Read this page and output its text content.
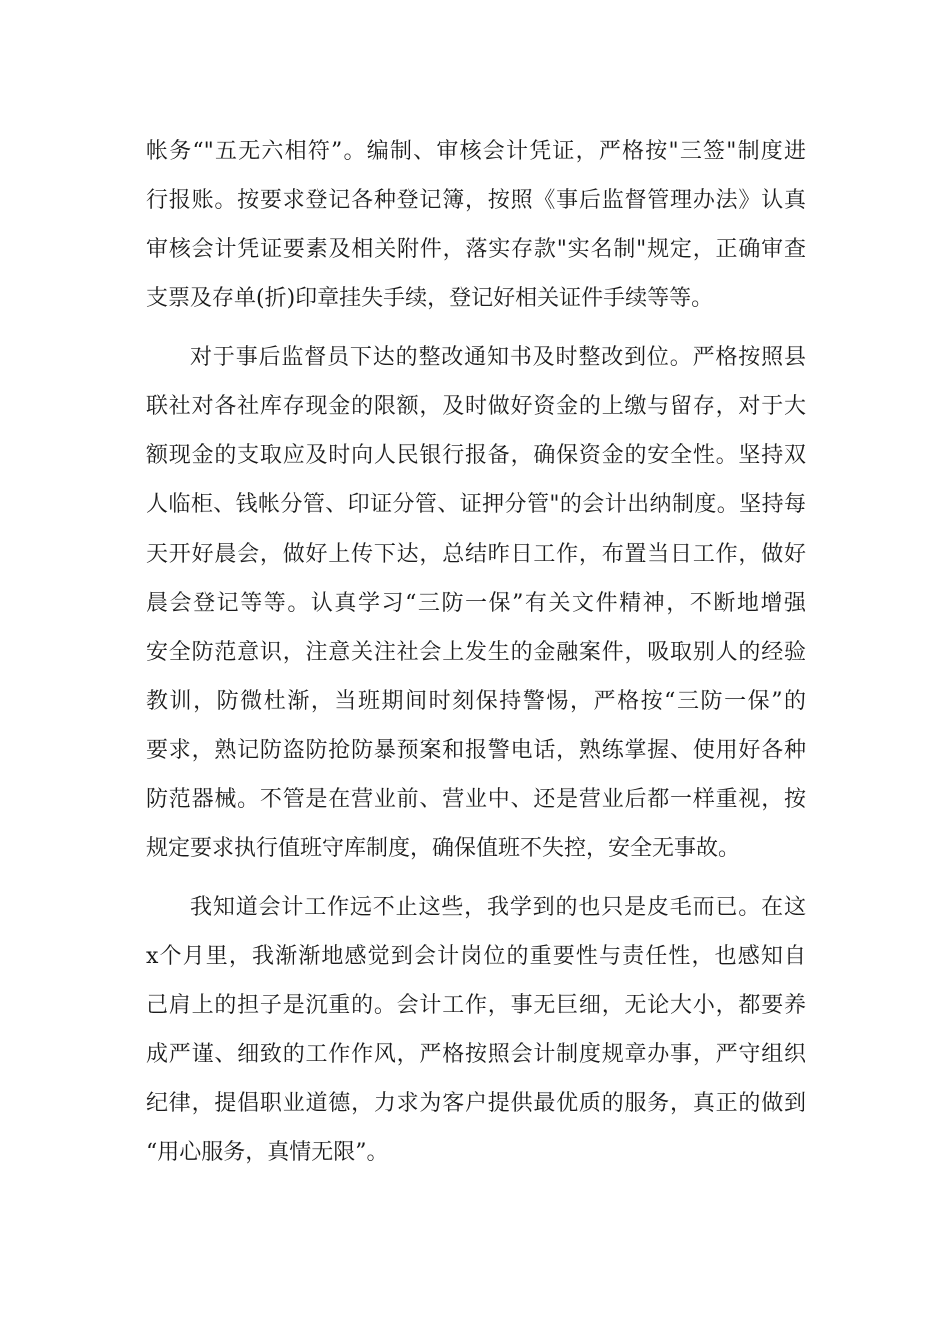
帐务“"五无六相符”。编制、审核会计凭证，严格按"三签"制度进
行报账。按要求登记各种登记簿，按照《事后监督管理办法》认真
审核会计凭证要素及相关附件，落实存款"实名制"规定，正确审查
支票及存单(折)印章挂失手续，登记好相关证件手续等等。
对于事后监督员下达的整改通知书及时整改到位。严格按照县
联社对各社库存现金的限额，及时做好资金的上缴与留存，对于大
额现金的支取应及时向人民银行报备，确保资金的安全性。坚持双
人临柜、钱帐分管、印证分管、证押分管"的会计出纳制度。坚持每
天开好晨会，做好上传下达，总结昨日工作，布置当日工作，做好
晨会登记等等。认真学习“三防一保”有关文件精神，不断地增强
安全防范意识，注意关注社会上发生的金融案件，吸取别人的经验
教训，防微杜渐，当班期间时刻保持警惕，严格按“三防一保”的
要求，熟记防盗防抢防暴预案和报警电话，熟练掌握、使用好各种
防范器械。不管是在营业前、营业中、还是营业后都一样重视，按
规定要求执行值班守库制度，确保值班不失控，安全无事故。
我知道会计工作远不止这些，我学到的也只是皮毛而已。在这
x个月里，我渐渐地感觉到会计岗位的重要性与责任性，也感知自
己肩上的担子是沉重的。会计工作，事无巨细，无论大小，都要养
成严谨、细致的工作作风，严格按照会计制度规章办事，严守组织
纪律，提倡职业道德，力求为客户提供最优质的服务，真正的做到
“用心服务，真情无限”。
